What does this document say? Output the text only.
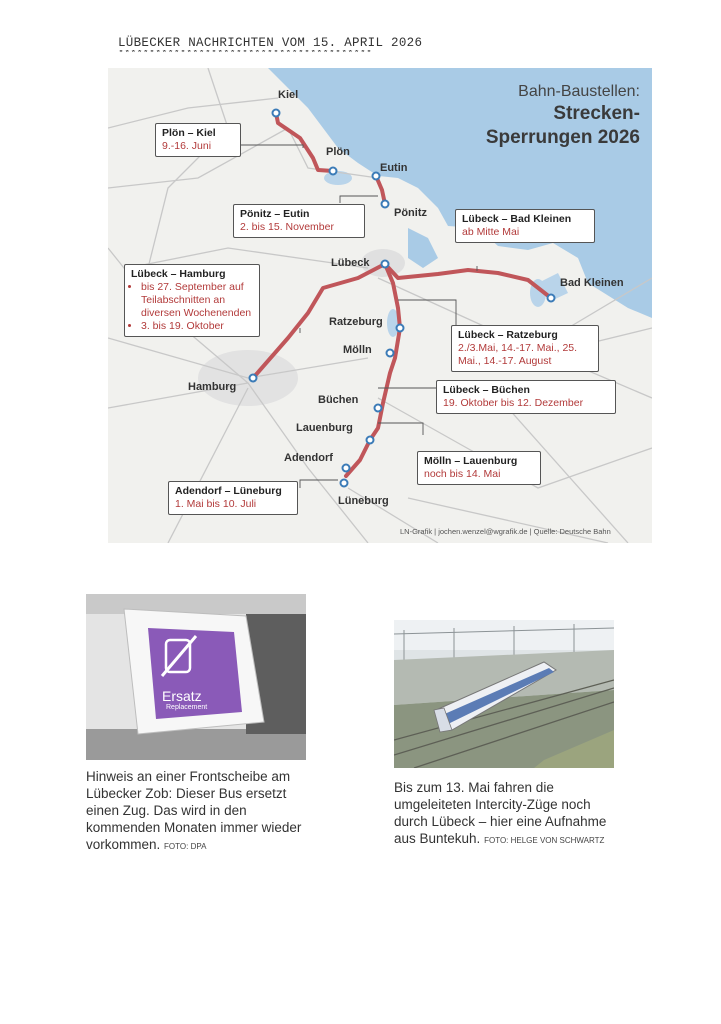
LÜBECKER NACHRICHTEN VOM 15. APRIL 2026
*****************************************
Bahn-Baustellen:
Strecken-
Sperrungen 2026
Kiel
Plön
Eutin
Pönitz
Lübeck
Bad Kleinen
Ratzeburg
Mölln
Hamburg
Büchen
Lauenburg
Adendorf
Lüneburg
Plön – Kiel
9.-16. Juni
Pönitz – Eutin
2. bis 15. November
Lübeck – Bad Kleinen
ab Mitte Mai
Lübeck – Hamburg
• bis 27. September auf Teilabschnitten an diversen Wochenenden
• 3. bis 19. Oktober
Lübeck – Ratzeburg
2./3.Mai, 14.-17. Mai., 25. Mai., 14.-17. August
Lübeck – Büchen
19. Oktober bis 12. Dezember
Mölln – Lauenburg
noch bis 14. Mai
Adendorf – Lüneburg
1. Mai bis 10. Juli
LN-Grafik | jochen.wenzel@wgrafik.de | Quelle: Deutsche Bahn
Ersatz
Replacement
Hinweis an einer Frontscheibe am Lübecker Zob: Dieser Bus ersetzt einen Zug. Das wird in den kommenden Monaten immer wieder vorkommen. FOTO: DPA
Bis zum 13. Mai fahren die umgeleiteten Intercity-Züge noch durch Lübeck – hier eine Aufnahme aus Buntekuh. FOTO: HELGE VON SCHWARTZ
